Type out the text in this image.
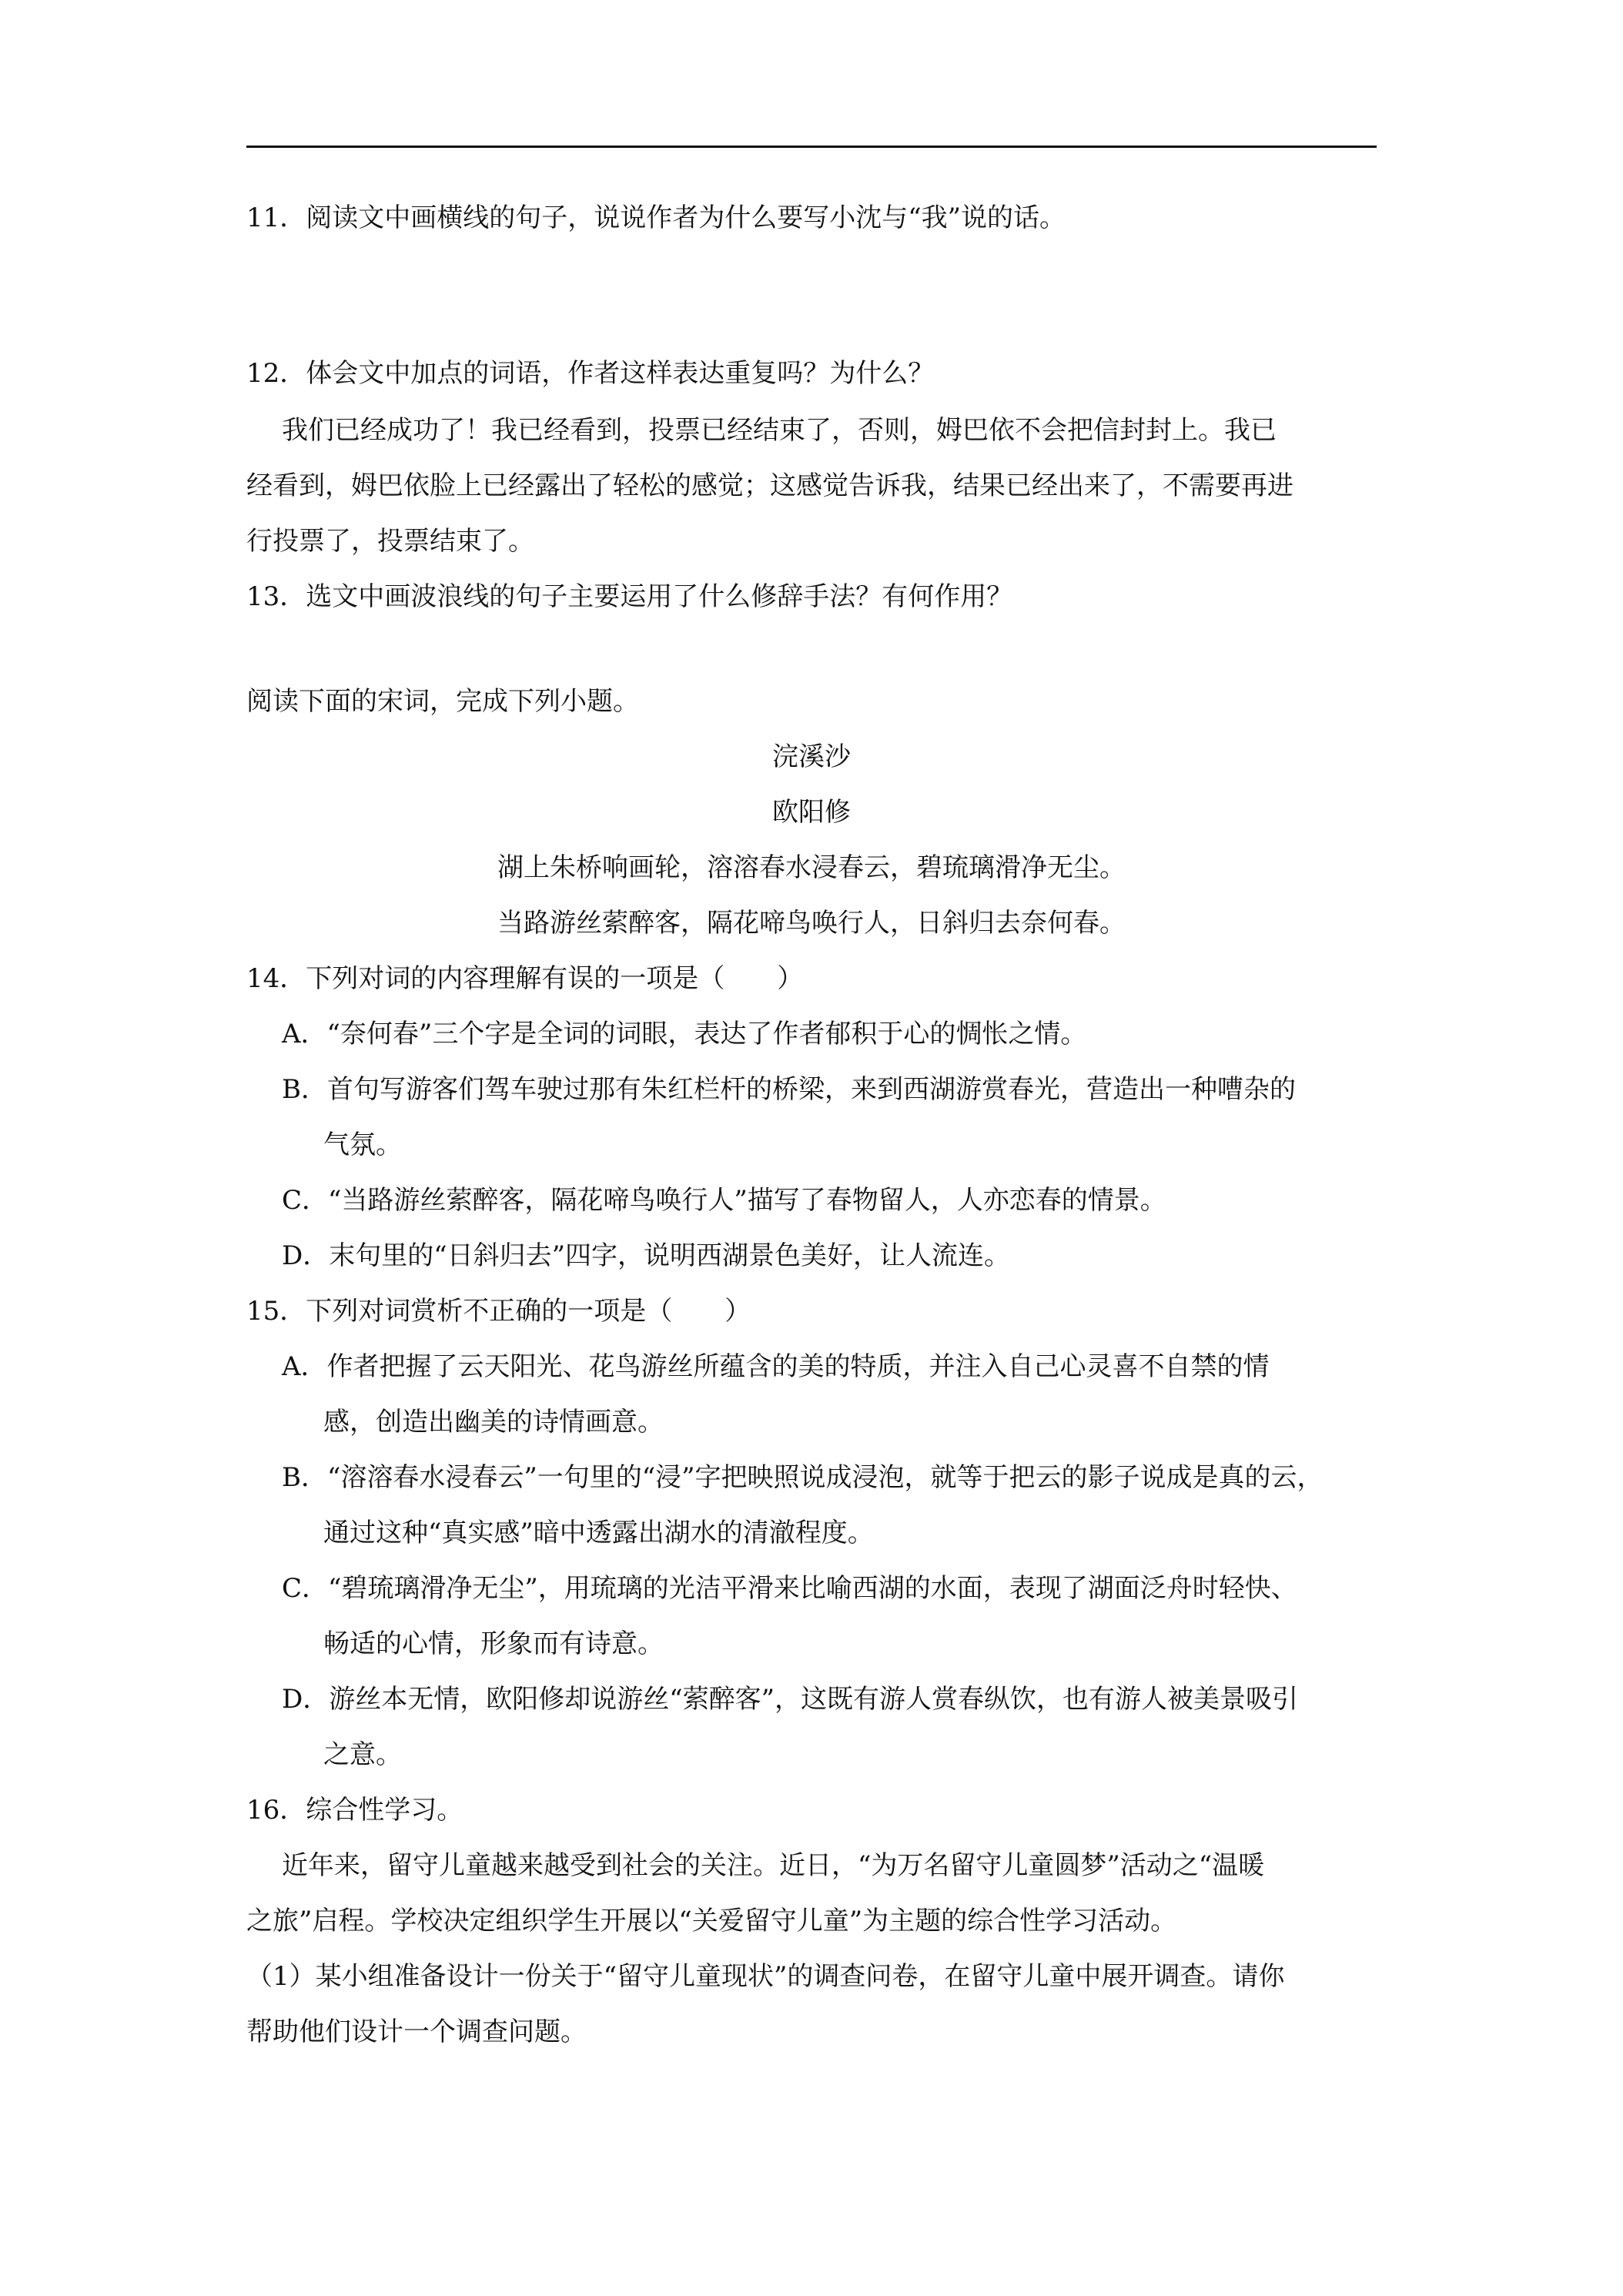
11．阅读文中画横线的句子，说说作者为什么要写小沈与“我”说的话。
12．体会文中加点的词语，作者这样表达重复吗？为什么？
我们已经成功了！我已经看到，投票已经结束了，否则，姆巴依不会把信封封上。我已
经看到，姆巴依脸上已经露出了轻松的感觉；这感觉告诉我，结果已经出来了，不需要再进
行投票了，投票结束了。
13．选文中画波浪线的句子主要运用了什么修辞手法？有何作用？
阅读下面的宋词，完成下列小题。
浣溪沙
欧阳修
湖上朱桥响画轮，溶溶春水浸春云，碧琉璃滑净无尘。
当路游丝萦醉客，隔花啼鸟唤行人，日斜归去奈何春。
14．下列对词的内容理解有误的一项是（　　）
A．“奈何春”三个字是全词的词眼，表达了作者郁积于心的惆怅之情。
B．首句写游客们驾车驶过那有朱红栏杆的桥梁，来到西湖游赏春光，营造出一种嘈杂的
气氛。
C．“当路游丝萦醉客，隔花啼鸟唤行人”描写了春物留人，人亦恋春的情景。
D．末句里的“日斜归去”四字，说明西湖景色美好，让人流连。
15．下列对词赏析不正确的一项是（　　）
A．作者把握了云天阳光、花鸟游丝所蕴含的美的特质，并注入自己心灵喜不自禁的情
感，创造出幽美的诗情画意。
B．“溶溶春水浸春云”一句里的“浸”字把映照说成浸泡，就等于把云的影子说成是真的云，
通过这种“真实感”暗中透露出湖水的清澈程度。
C．“碧琉璃滑净无尘”，用琉璃的光洁平滑来比喻西湖的水面，表现了湖面泛舟时轻快、
畅适的心情，形象而有诗意。
D．游丝本无情，欧阳修却说游丝“萦醉客”，这既有游人赏春纵饮，也有游人被美景吸引
之意。
16．综合性学习。
近年来，留守儿童越来越受到社会的关注。近日，“为万名留守儿童圆梦”活动之“温暖
之旅”启程。学校决定组织学生开展以“关爱留守儿童”为主题的综合性学习活动。
（1）某小组准备设计一份关于“留守儿童现状”的调查问卷，在留守儿童中展开调查。请你
帮助他们设计一个调查问题。
